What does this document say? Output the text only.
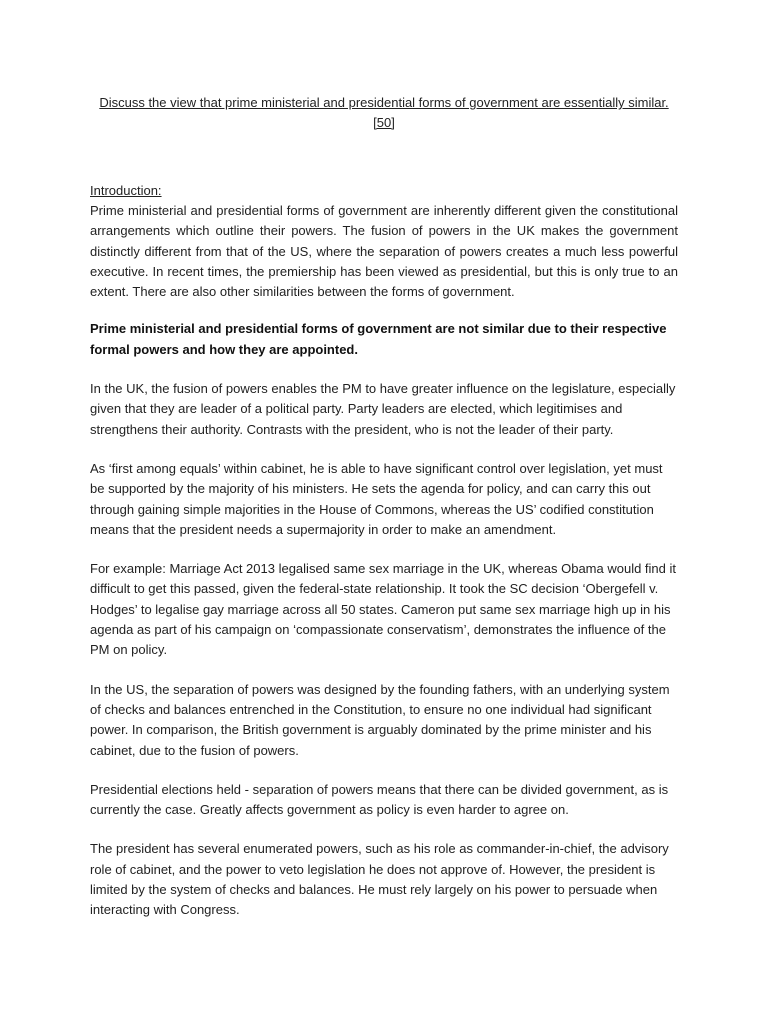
Discuss the view that prime ministerial and presidential forms of government are essentially similar. [50]

Introduction:

Prime ministerial and presidential forms of government are inherently different given the constitutional arrangements which outline their powers. The fusion of powers in the UK makes the government distinctly different from that of the US, where the separation of powers creates a much less powerful executive. In recent times, the premiership has been viewed as presidential, but this is only true to an extent. There are also other similarities between the forms of government.

Prime ministerial and presidential forms of government are not similar due to their respective formal powers and how they are appointed.

In the UK, the fusion of powers enables the PM to have greater influence on the legislature, especially given that they are leader of a political party. Party leaders are elected, which legitimises and strengthens their authority. Contrasts with the president, who is not the leader of their party.

As ‘first among equals’ within cabinet, he is able to have significant control over legislation, yet must be supported by the majority of his ministers. He sets the agenda for policy, and can carry this out through gaining simple majorities in the House of Commons, whereas the US’ codified constitution means that the president needs a supermajority in order to make an amendment.

For example: Marriage Act 2013 legalised same sex marriage in the UK, whereas Obama would find it difficult to get this passed, given the federal-state relationship. It took the SC decision ‘Obergefell v. Hodges’ to legalise gay marriage across all 50 states. Cameron put same sex marriage high up in his agenda as part of his campaign on ‘compassionate conservatism’, demonstrates the influence of the PM on policy.

In the US, the separation of powers was designed by the founding fathers, with an underlying system of checks and balances entrenched in the Constitution, to ensure no one individual had significant power. In comparison, the British government is arguably dominated by the prime minister and his cabinet, due to the fusion of powers.

Presidential elections held - separation of powers means that there can be divided government, as is currently the case. Greatly affects government as policy is even harder to agree on.

The president has several enumerated powers, such as his role as commander-in-chief, the advisory role of cabinet, and the power to veto legislation he does not approve of. However, the president is limited by the system of checks and balances. He must rely largely on his power to persuade when interacting with Congress.
